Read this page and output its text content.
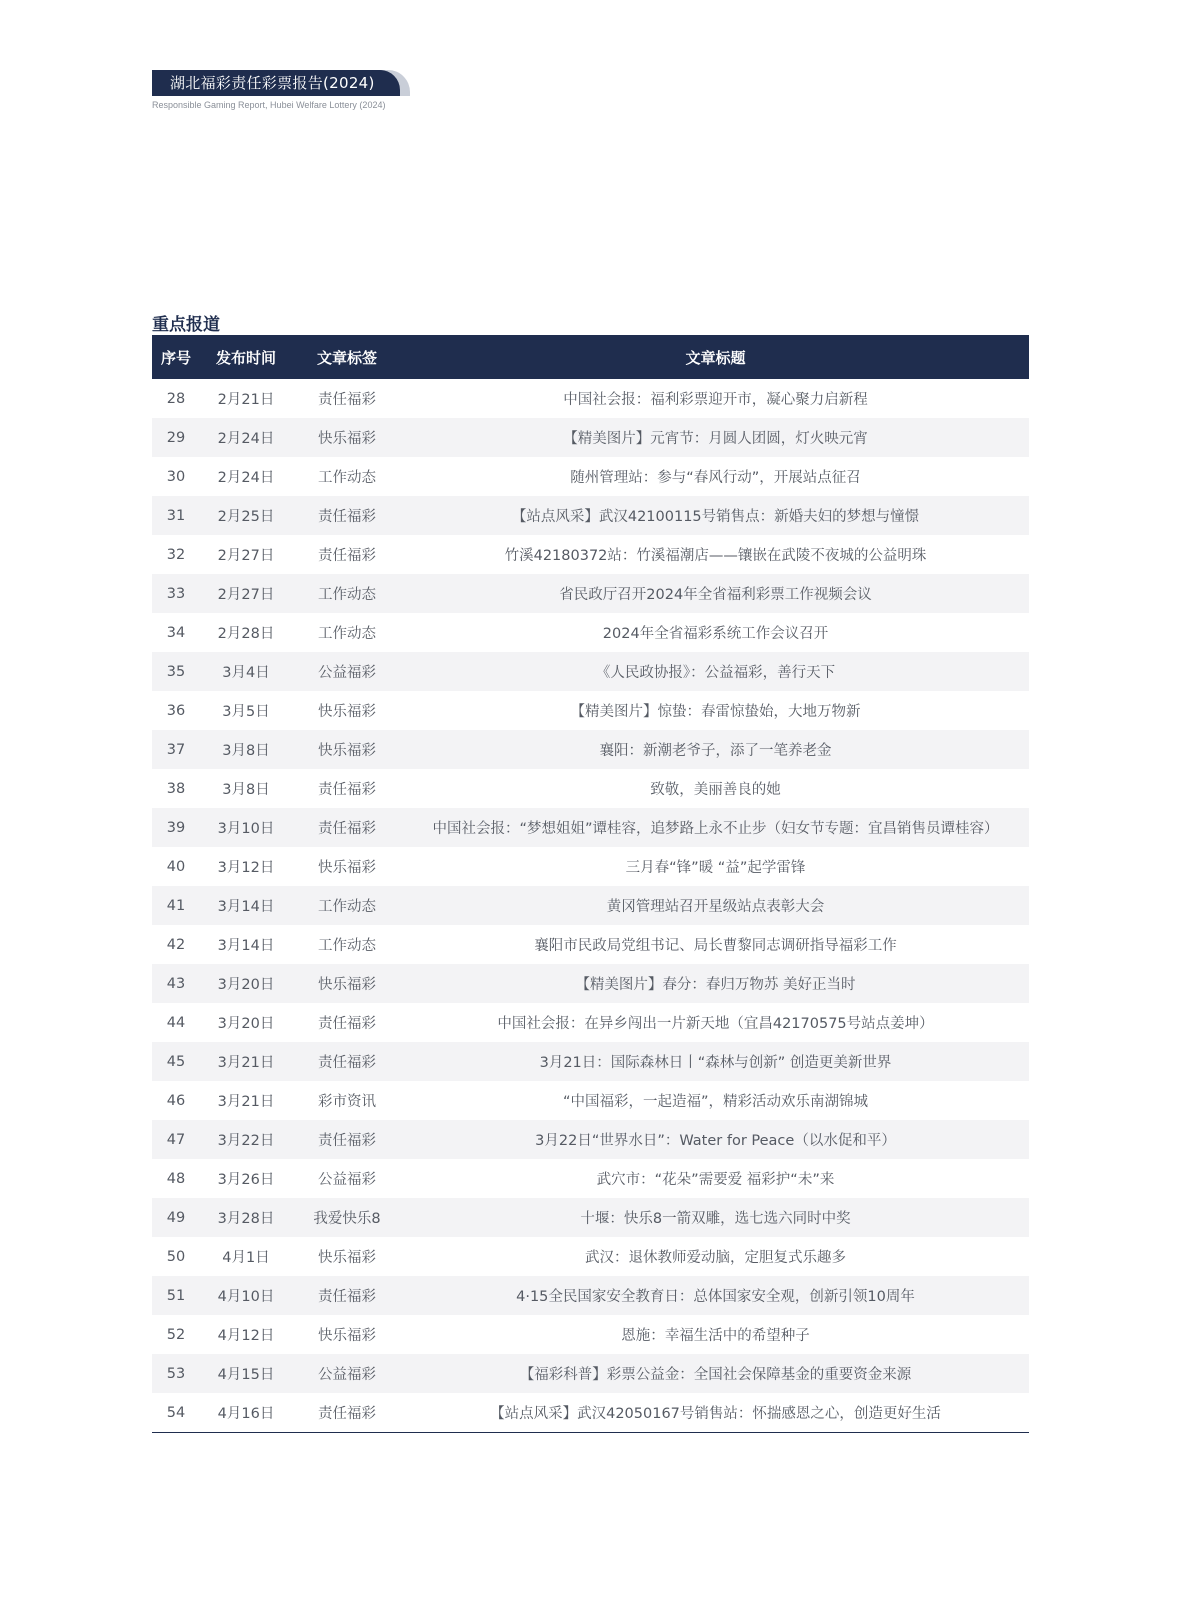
湖北福彩责任彩票报告(2024)
Responsible Gaming Report, Hubei Welfare Lottery (2024)
重点报道
序号	发布时间	文章标签	文章标题
28	2月21日	责任福彩	中国社会报：福利彩票迎开市，凝心聚力启新程
29	2月24日	快乐福彩	【精美图片】元宵节：月圆人团圆，灯火映元宵
30	2月24日	工作动态	随州管理站：参与“春风行动”，开展站点征召
31	2月25日	责任福彩	【站点风采】武汉42100115号销售点：新婚夫妇的梦想与憧憬
32	2月27日	责任福彩	竹溪42180372站：竹溪福潮店——镶嵌在武陵不夜城的公益明珠
33	2月27日	工作动态	省民政厅召开2024年全省福利彩票工作视频会议
34	2月28日	工作动态	2024年全省福彩系统工作会议召开
35	3月4日	公益福彩	《人民政协报》：公益福彩，善行天下
36	3月5日	快乐福彩	【精美图片】惊蛰：春雷惊蛰始，大地万物新
37	3月8日	快乐福彩	襄阳：新潮老爷子，添了一笔养老金
38	3月8日	责任福彩	致敬，美丽善良的她
39	3月10日	责任福彩	中国社会报：“梦想姐姐”谭桂容，追梦路上永不止步（妇女节专题：宜昌销售员谭桂容）
40	3月12日	快乐福彩	三月春“锋”暖 “益”起学雷锋
41	3月14日	工作动态	黄冈管理站召开星级站点表彰大会
42	3月14日	工作动态	襄阳市民政局党组书记、局长曹黎同志调研指导福彩工作
43	3月20日	快乐福彩	【精美图片】春分：春归万物苏 美好正当时
44	3月20日	责任福彩	中国社会报：在异乡闯出一片新天地（宜昌42170575号站点姜坤）
45	3月21日	责任福彩	3月21日：国际森林日丨“森林与创新” 创造更美新世界
46	3月21日	彩市资讯	“中国福彩，一起造福”，精彩活动欢乐南湖锦城
47	3月22日	责任福彩	3月22日“世界水日”：Water for Peace（以水促和平）
48	3月26日	公益福彩	武穴市：“花朵”需要爱 福彩护“未”来
49	3月28日	我爱快乐8	十堰：快乐8一箭双雕，选七选六同时中奖
50	4月1日	快乐福彩	武汉：退休教师爱动脑，定胆复式乐趣多
51	4月10日	责任福彩	4·15全民国家安全教育日：总体国家安全观，创新引领10周年
52	4月12日	快乐福彩	恩施：幸福生活中的希望种子
53	4月15日	公益福彩	【福彩科普】彩票公益金：全国社会保障基金的重要资金来源
54	4月16日	责任福彩	【站点风采】武汉42050167号销售站：怀揣感恩之心，创造更好生活
